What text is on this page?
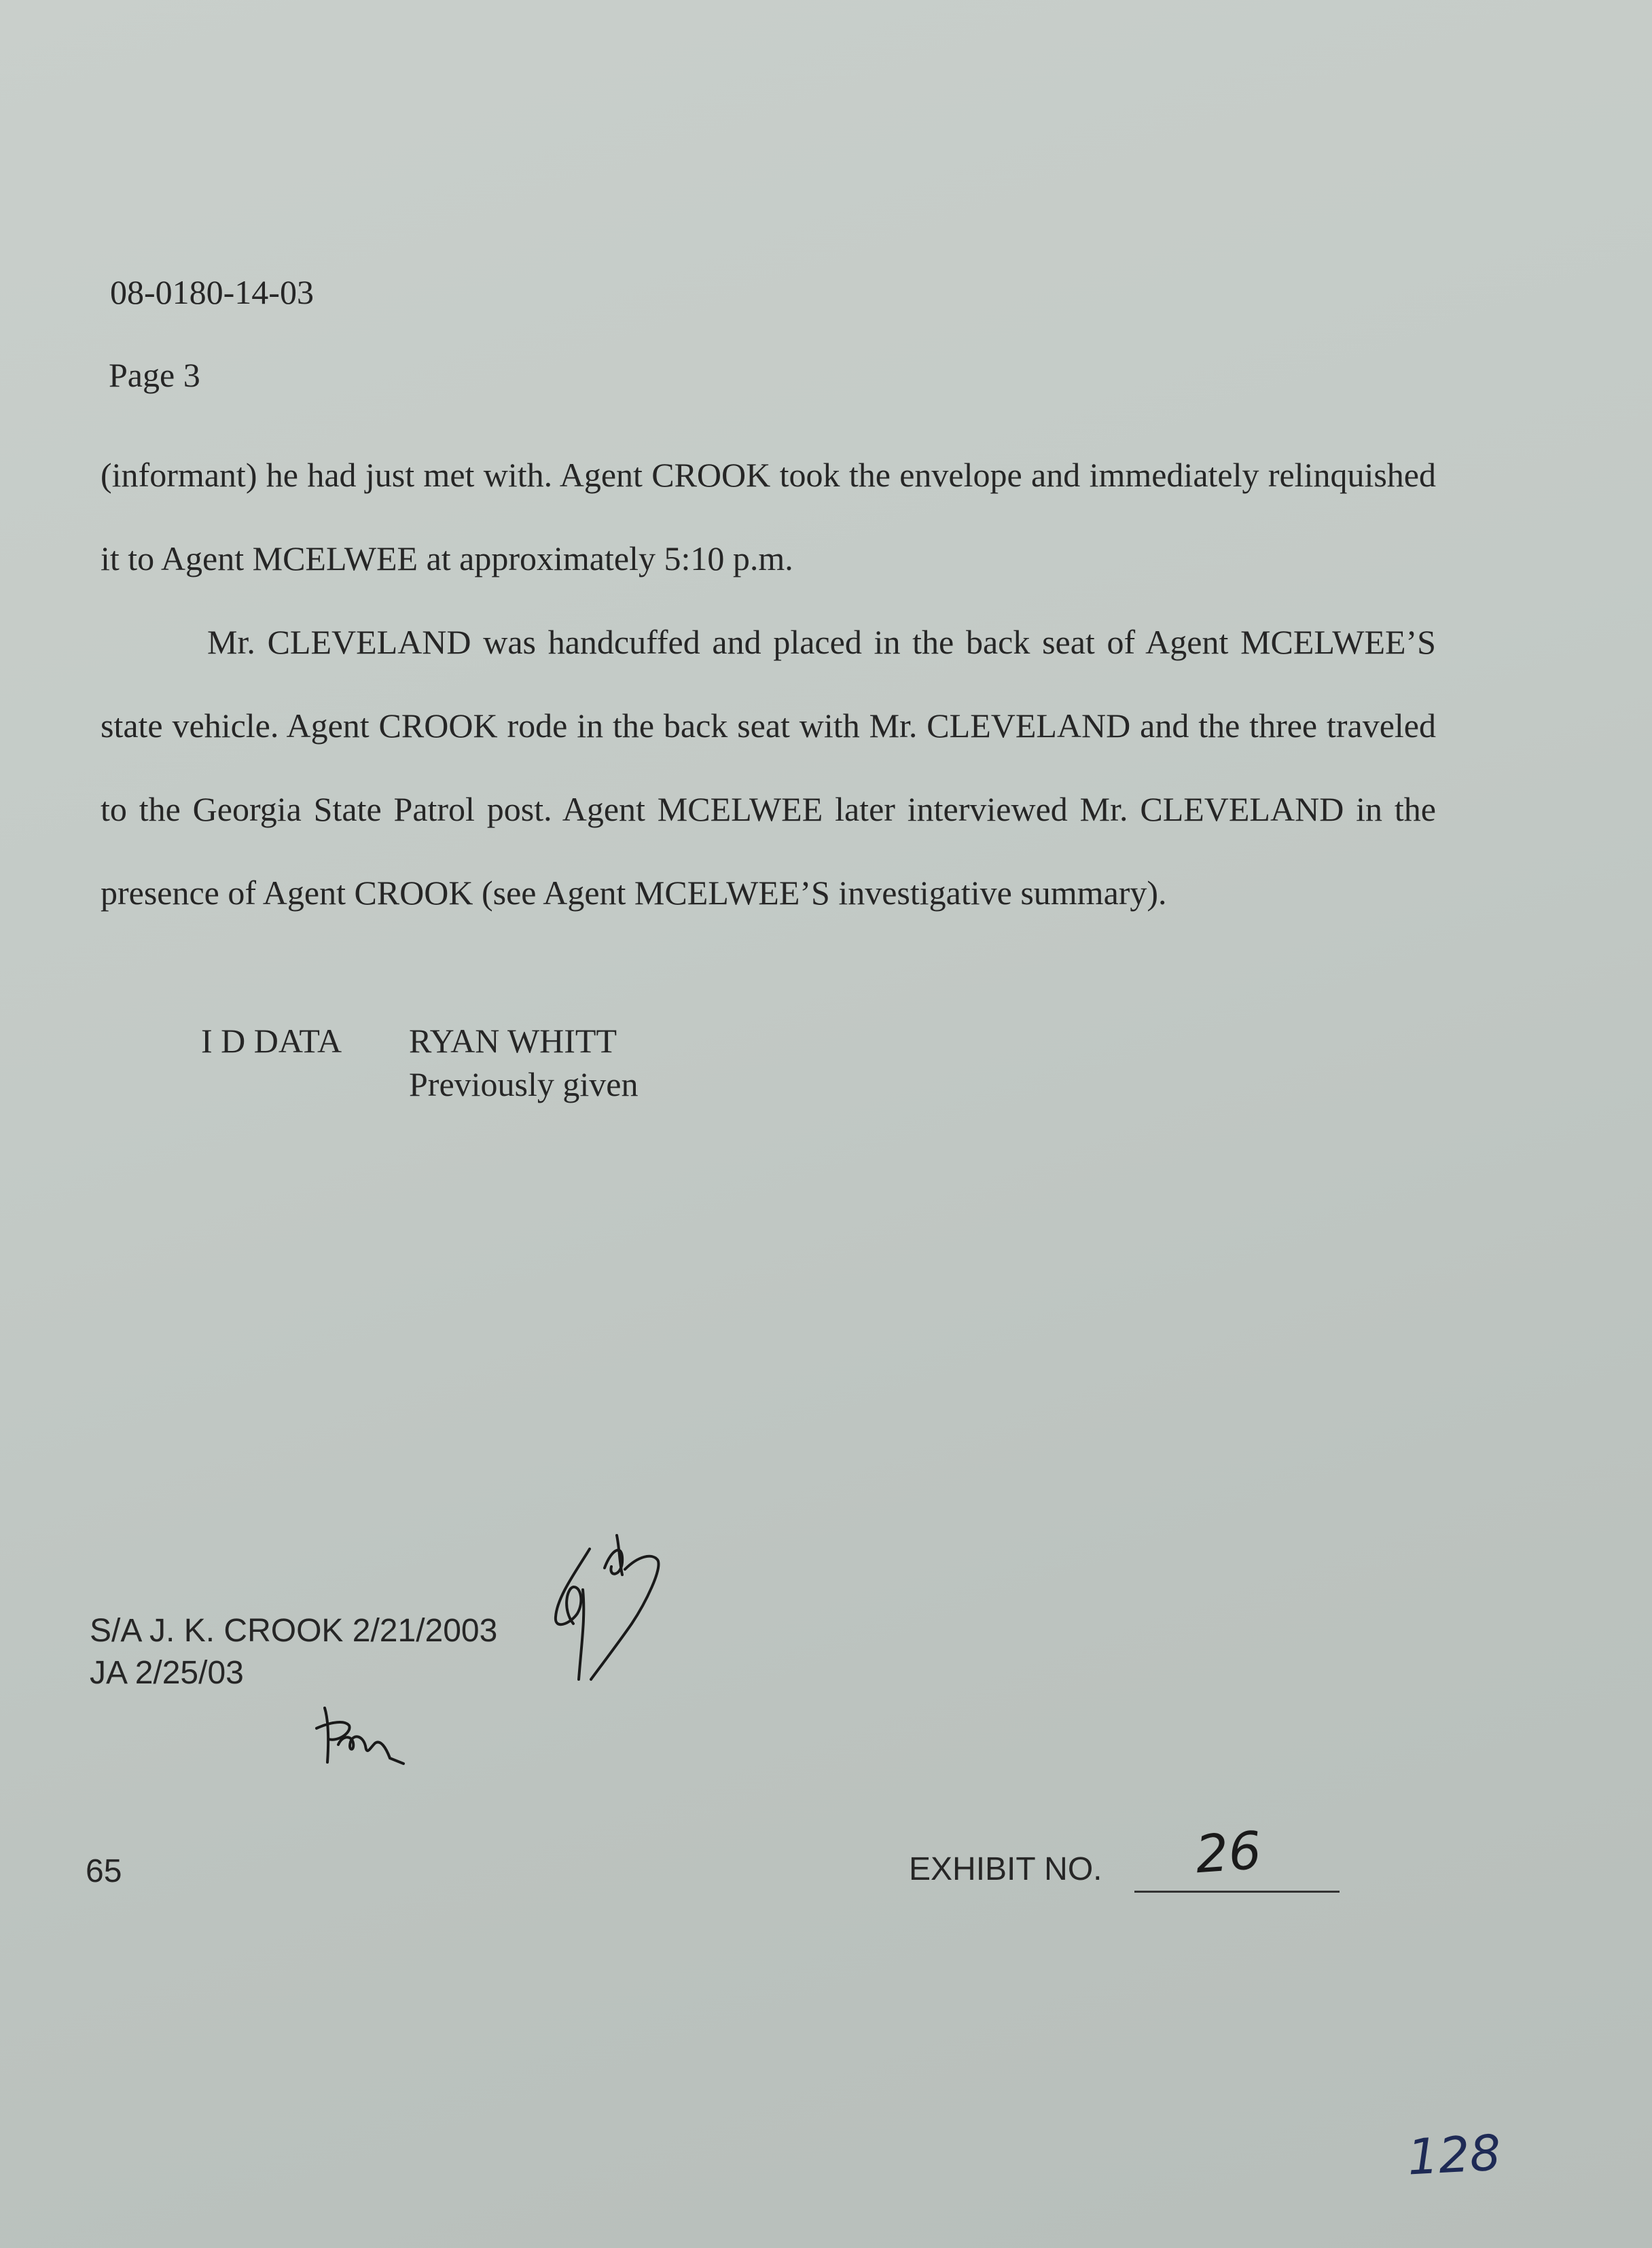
08-0180-14-03
Page 3

(informant) he had just met with. Agent CROOK took the envelope and immediately relinquished it to Agent MCELWEE at approximately 5:10 p.m.

Mr. CLEVELAND was handcuffed and placed in the back seat of Agent MCELWEE’S state vehicle. Agent CROOK rode in the back seat with Mr. CLEVELAND and the three traveled to the Georgia State Patrol post. Agent MCELWEE later interviewed Mr. CLEVELAND in the presence of Agent CROOK (see Agent MCELWEE’S investigative summary).

I D DATA RYAN WHITT
Previously given
S/A J. K. CROOK 2/21/2003
JA 2/25/03
65	EXHIBIT NO. 26
128
